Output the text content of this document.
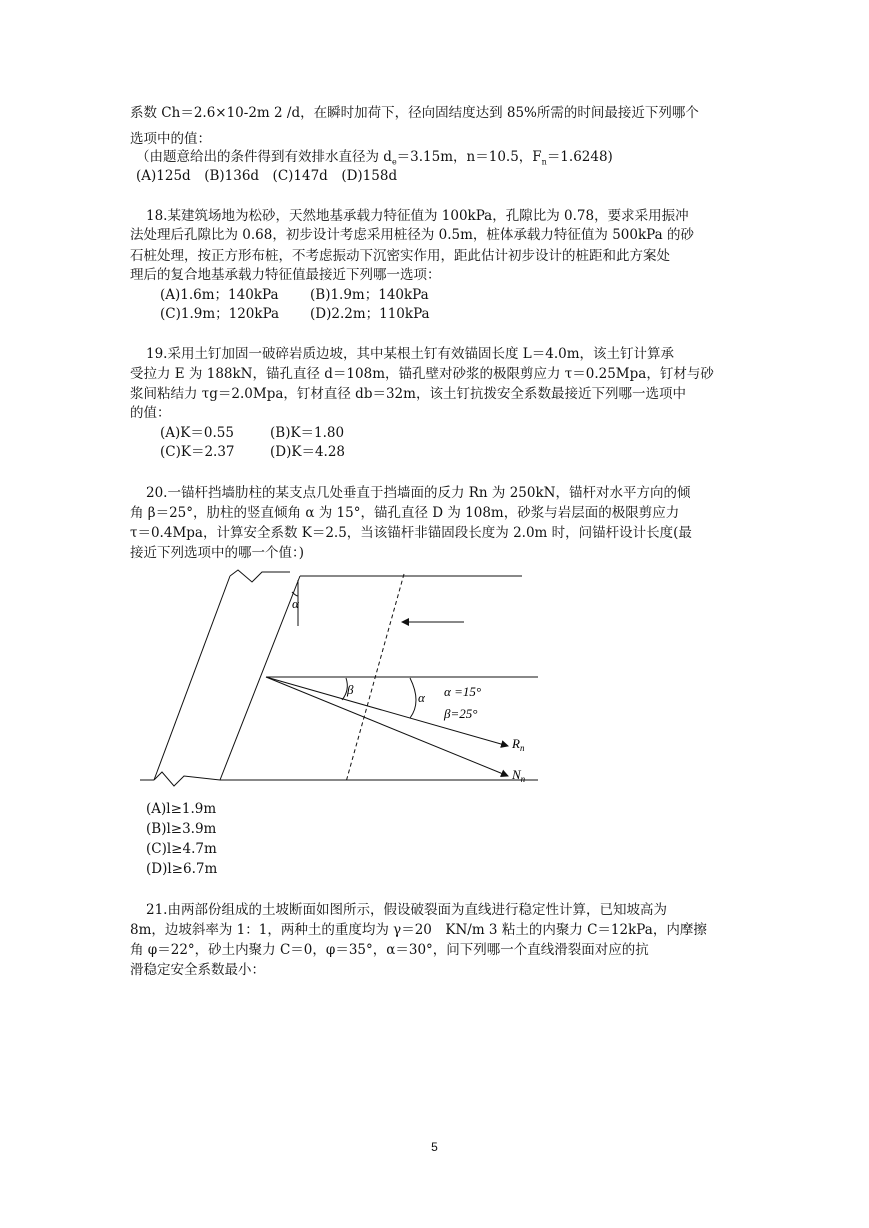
系数 Ch＝2.6×10-2m 2 /d，在瞬时加荷下，径向固结度达到 85%所需的时间最接近下列哪个
选项中的值：
（由题意给出的条件得到有效排水直径为 $d_e=3.15m$，n＝10.5，$F_n=1.6248$)
(A)125d　(B)136d　(C)147d　(D)158d
18.某建筑场地为松砂，天然地基承载力特征值为 100kPa，孔隙比为 0.78，要求采用振冲
法处理后孔隙比为 0.68，初步设计考虑采用桩径为 0.5m，桩体承载力特征值为 500kPa 的砂
石桩处理，按正方形布桩，不考虑振动下沉密实作用，距此估计初步设计的桩距和此方案处
理后的复合地基承载力特征值最接近下列哪一选项：
(A)1.6m；140kPa (B)1.9m；140kPa
(C)1.9m；120kPa (D)2.2m；110kPa
19.采用土钉加固一破碎岩质边坡，其中某根土钉有效锚固长度 L＝4.0m，该土钉计算承
受拉力 E 为 188kN，锚孔直径 d＝108m，锚孔壁对砂浆的极限剪应力 τ＝0.25Mpa，钉材与砂
浆间粘结力 τg＝2.0Mpa，钉材直径 db＝32m，该土钉抗拨安全系数最接近下列哪一选项中
的值：
(A)K＝0.55	(B)K＝1.80
(C)K＝2.37	(D)K＝4.28
20.一锚杆挡墙肋柱的某支点几处垂直于挡墙面的反力 Rn 为 250kN，锚杆对水平方向的倾
角 β＝25°，肋柱的竖直倾角 α 为 15°，锚孔直径 D 为 108m，砂浆与岩层面的极限剪应力
τ＝0.4Mpa，计算安全系数 K＝2.5，当该锚杆非锚固段长度为 2.0m 时，问锚杆设计长度(最
接近下列选项中的哪一个值：)
α
β
α α =15°
β=25°
$R_n$
$N_n$
(A)l≥1.9m
(B)l≥3.9m
(C)l≥4.7m
(D)l≥6.7m
21.由两部份组成的土坡断面如图所示，假设破裂面为直线进行稳定性计算，已知坡高为
8m，边坡斜率为 1：1，两种土的重度均为 γ＝20　KN/m 3 粘土的内聚力 C＝12kPa，内摩擦
角 φ＝22°，砂土内聚力 C＝0，φ＝35°，α＝30°，问下列哪一个直线滑裂面对应的抗
滑稳定安全系数最小：
5
